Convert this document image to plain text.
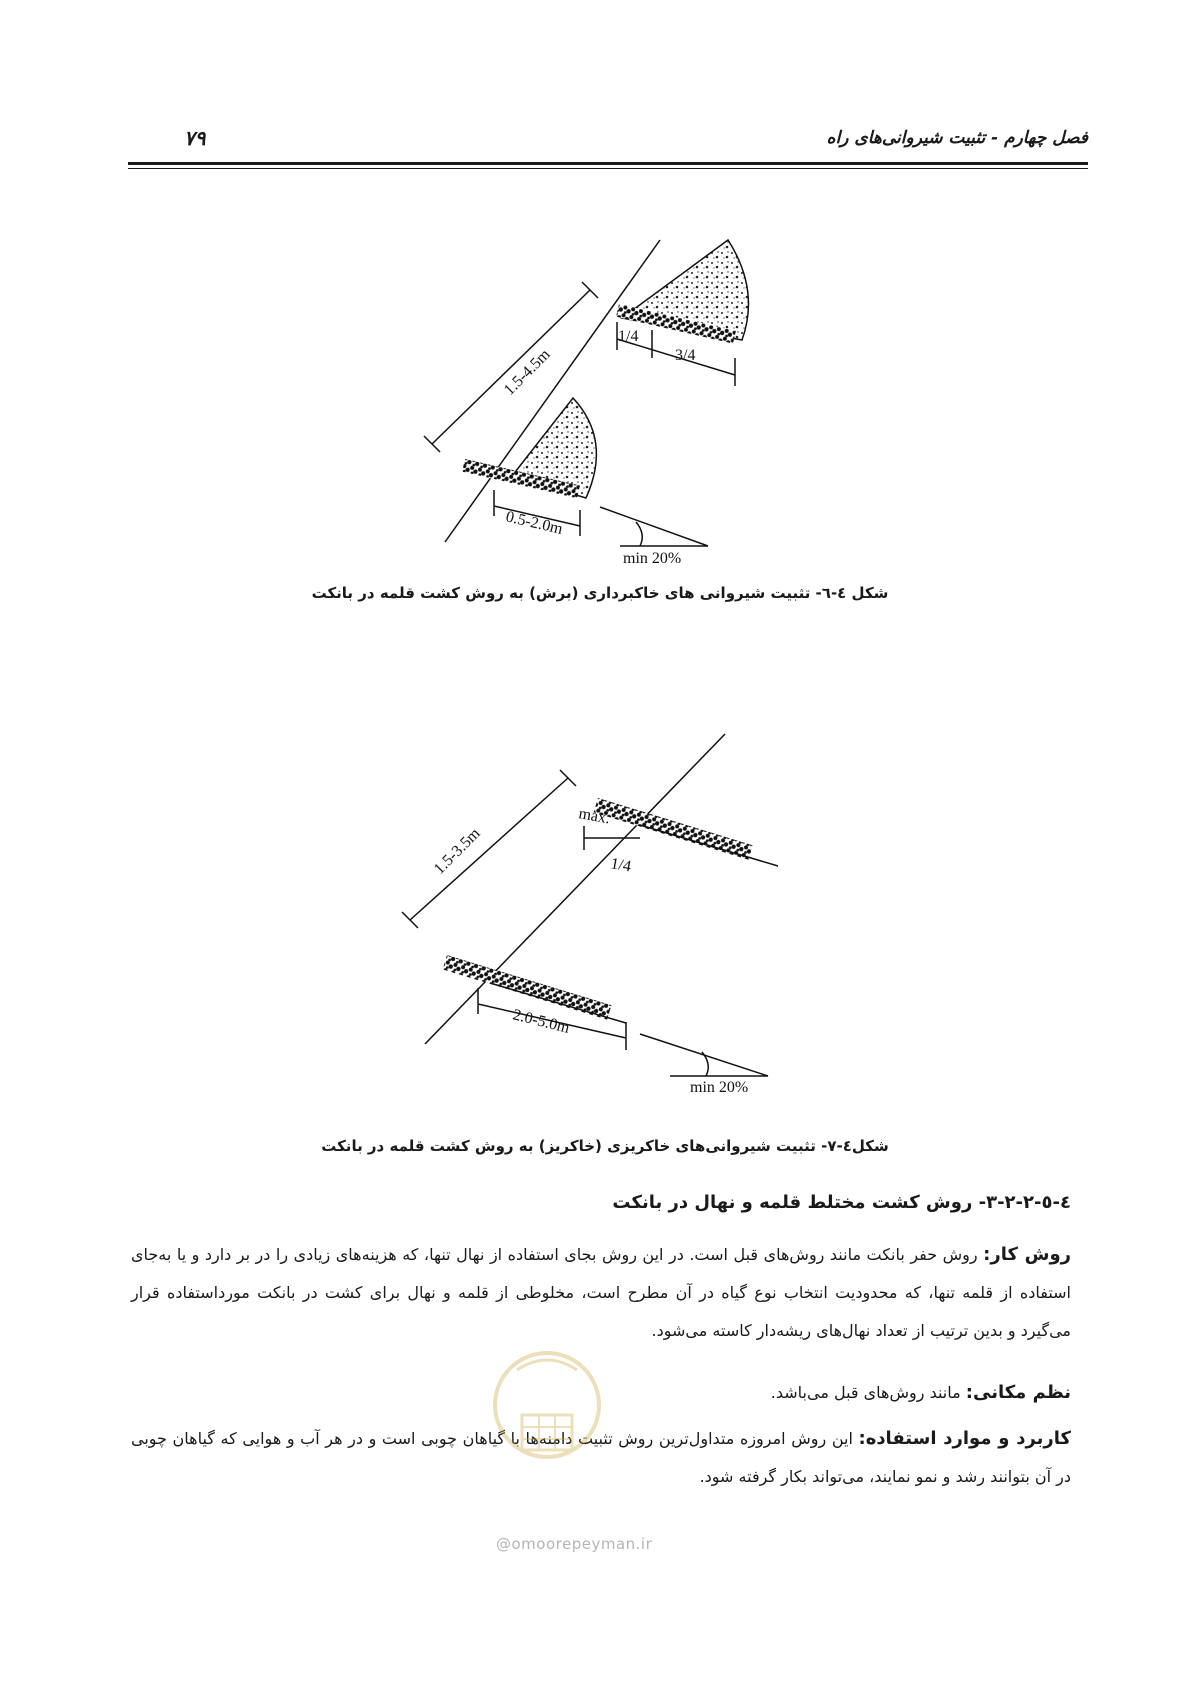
فصل چهارم - تثبیت شیروانی‌های راه
۷۹
1.5-4.5m
1/4
3/4
0.5-2.0m
min 20%
1.5-3.5m
max.
1/4
2.0-5.0m
min 20%
شکل ٤-٦- تثبیت شیروانی های خاکبرداری (برش) به روش کشت قلمه در بانکت
شکل٤-٧- تثبیت شیروانی‌های خاکریزی (خاکریز) به روش کشت قلمه در بانکت
٤-٥-٢-٢-٣- روش کشت مختلط قلمه و نهال در بانکت
روش کار: روش حفر بانکت مانند روش‌های قبل است. در این روش بجای استفاده از نهال تنها، که هزینه‌های زیادی را در بر دارد و یا به‌جای استفاده از قلمه تنها، که محدودیت انتخاب نوع گیاه در آن مطرح است، مخلوطی از قلمه و نهال برای کشت در بانکت مورداستفاده قرار می‌گیرد و بدین ترتیب از تعداد نهال‌های ریشه‌دار کاسته می‌شود.
نظم مکانی: مانند روش‌های قبل می‌باشد.
کاربرد و موارد استفاده: این روش امروزه متداول‌ترین روش تثبیت دامنه‌ها با گیاهان چوبی است و در هر آب و هوایی که گیاهان چوبی در آن بتوانند رشد و نمو نمایند، می‌تواند بکار گرفته شود.
@omoorepeyman.ir
